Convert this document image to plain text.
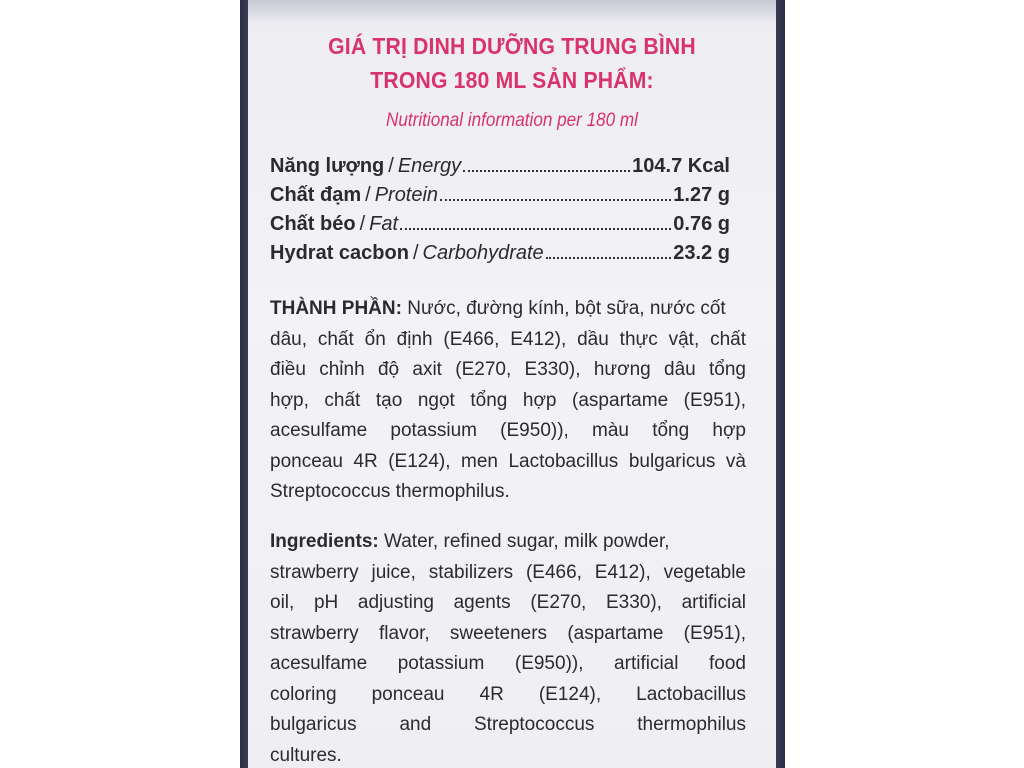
GIÁ TRỊ DINH DƯỠNG TRUNG BÌNH
TRONG 180 ML SẢN PHẨM:
Nutritional information per 180 ml
Năng lượng / Energy	104.7 Kcal
Chất đạm / Protein	1.27 g
Chất béo / Fat	0.76 g
Hydrat cacbon / Carbohydrate	23.2 g
THÀNH PHẦN: Nước, đường kính, bột sữa, nước cốt
dâu, chất ổn định (E466, E412), dầu thực vật, chất
điều chỉnh độ axit (E270, E330), hương dâu tổng
hợp, chất tạo ngọt tổng hợp (aspartame (E951),
acesulfame potassium (E950)), màu tổng hợp
ponceau 4R (E124), men Lactobacillus bulgaricus và
Streptococcus thermophilus.
Ingredients: Water, refined sugar, milk powder,
strawberry juice, stabilizers (E466, E412), vegetable
oil, pH adjusting agents (E270, E330), artificial
strawberry flavor, sweeteners (aspartame (E951),
acesulfame potassium (E950)), artificial food
coloring ponceau 4R (E124), Lactobacillus
bulgaricus and Streptococcus thermophilus
cultures.
